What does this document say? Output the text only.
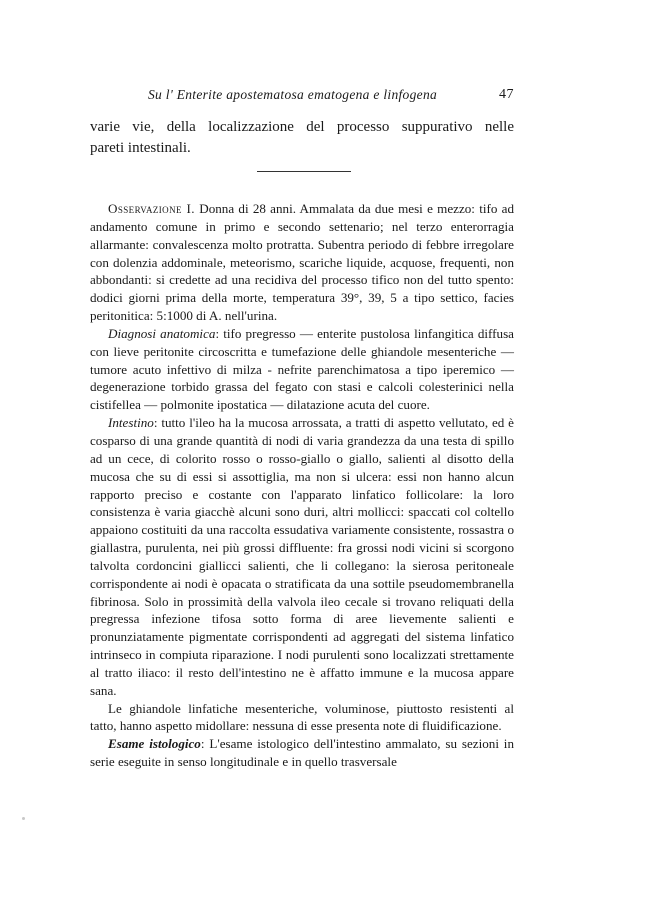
Su l' Enterite apostematosa ematogena e linfogena	47

varie vie, della localizzazione del processo suppurativo nelle

pareti intestinali.

Osservazione I. Donna di 28 anni. Ammalata da due mesi e mezzo: tifo ad andamento comune in primo e secondo settenario; nel terzo enterorragia allarmante: convalescenza molto protratta. Subentra periodo di febbre irregolare con dolenzia addominale, meteorismo, scariche liquide, acquose, frequenti, non abbondanti: si credette ad una recidiva del processo tifico non del tutto spento: dodici giorni prima della morte, temperatura 39°, 39, 5 a tipo settico, facies peritonitica: 5:1000 di A. nell'urina.

Diagnosi anatomica: tifo pregresso — enterite pustolosa linfangitica diffusa con lieve peritonite circoscritta e tumefazione delle ghiandole mesenteriche — tumore acuto infettivo di milza - nefrite parenchimatosa a tipo iperemico — degenerazione torbido grassa del fegato con stasi e calcoli colesterinici nella cistifellea — polmonite ipostatica — dilatazione acuta del cuore.

Intestino: tutto l'ileo ha la mucosa arrossata, a tratti di aspetto vellutato, ed è cosparso di una grande quantità di nodi di varia grandezza da una testa di spillo ad un cece, di colorito rosso o rosso-giallo o giallo, salienti al disotto della mucosa che su di essi si assottiglia, ma non si ulcera: essi non hanno alcun rapporto preciso e costante con l'apparato linfatico follicolare: la loro consistenza è varia giacchè alcuni sono duri, altri mollicci: spaccati col coltello appaiono costituiti da una raccolta essudativa variamente consistente, rossastra o giallastra, purulenta, nei più grossi diffluente: fra grossi nodi vicini si scorgono talvolta cordoncini giallicci salienti, che li collegano: la sierosa peritoneale corrispondente ai nodi è opacata o stratificata da una sottile pseudomembranella fibrinosa. Solo in prossimità della valvola ileo cecale si trovano reliquati della pregressa infezione tifosa sotto forma di aree lievemente salienti e pronunziatamente pigmentate corrispondenti ad aggregati del sistema linfatico intrinseco in compiuta riparazione. I nodi purulenti sono localizzati strettamente al tratto iliaco: il resto dell'intestino ne è affatto immune e la mucosa appare sana.

Le ghiandole linfatiche mesenteriche, voluminose, piuttosto resistenti al tatto, hanno aspetto midollare: nessuna di esse presenta note di fluidificazione.

Esame istologico: L'esame istologico dell'intestino ammalato, su sezioni in serie eseguite in senso longitudinale e in quello trasversale
